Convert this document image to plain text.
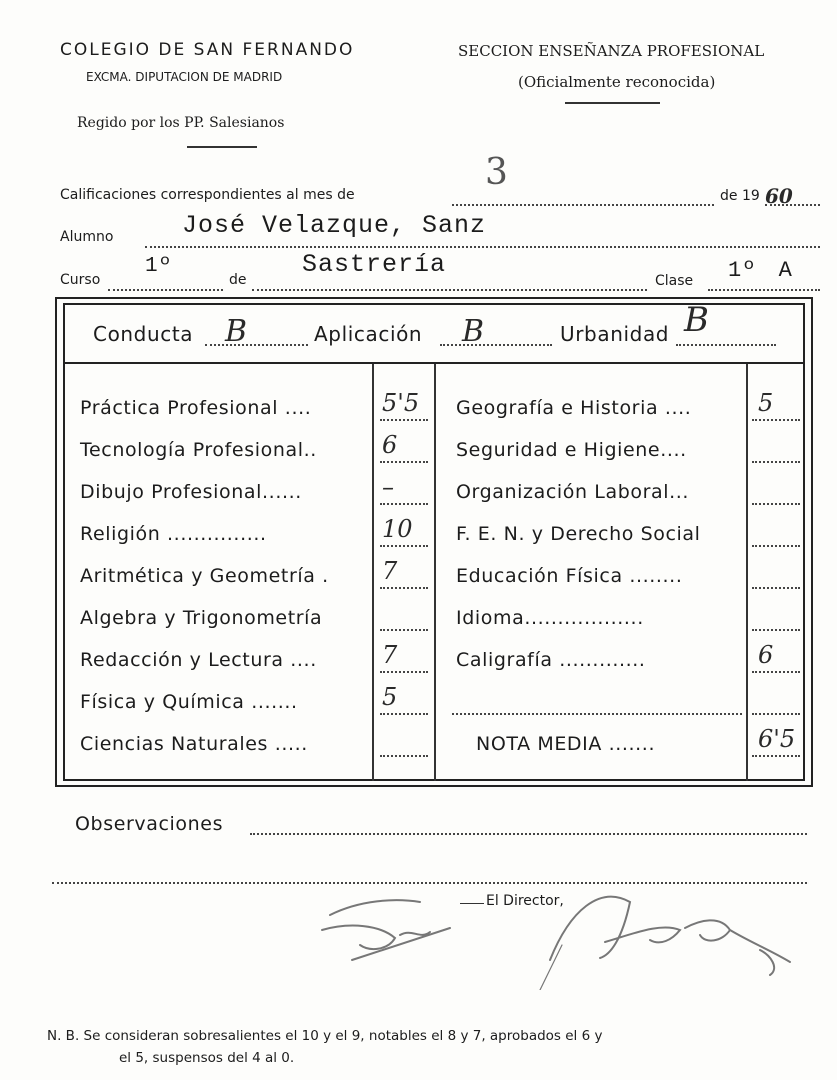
COLEGIO DE SAN FERNANDO
EXCMA. DIPUTACION DE MADRID
Regido por los PP. Salesianos
SECCION ENSEÑANZA PROFESIONAL
(Oficialmente reconocida)
Calificaciones correspondientes al mes de
3
de 19 60
Alumno	José Velazque, Sanz
Curso
1º
de
Sastrería
Clase 1º A
Conducta B	Aplicación B	Urbanidad B
Práctica Profesional ....	5'5
Tecnología Profesional..	6
Dibujo Profesional......	–
Religión ...............	10
Aritmética y Geometría . 7
Algebra y Trigonometría
Redacción y Lectura ....	7
Física y Química .......	5
Ciencias Naturales .....
Geografía e Historia ....	5
Seguridad e Higiene....
Organización Laboral...
F. E. N. y Derecho Social
Educación Física ........
Idioma..................
Caligrafía .............	6
NOTA MEDIA .......	6'5
Observaciones
El Director,
N. B. Se consideran sobresalientes el 10 y el 9, notables el 8 y 7, aprobados el 6 y
el 5, suspensos del 4 al 0.
